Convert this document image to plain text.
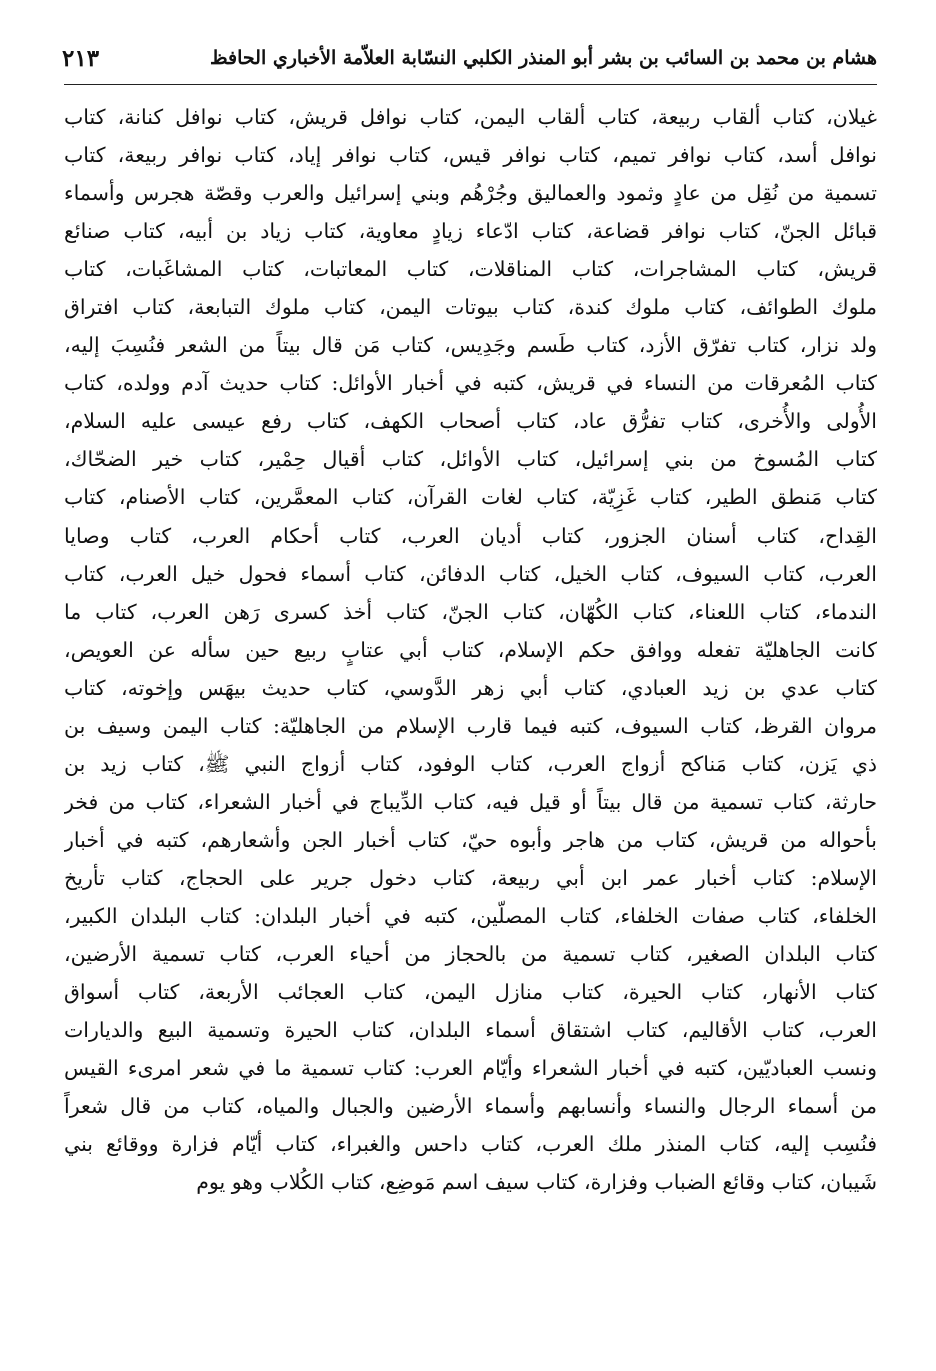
هشام بن محمد بن السائب بن بشر أبو المنذر الكلبي النسّابة العلاّمة الأخباري الحافظ
٢١٣
غيلان، كتاب ألقاب ربيعة، كتاب ألقاب اليمن، كتاب نوافل قريش، كتاب نوافل كنانة، كتاب
نوافل أسد، كتاب نوافر تميم، كتاب نوافر قيس، كتاب نوافر إياد، كتاب نوافر ربيعة، كتاب
تسمية من نُقِل من عادٍ وثمود والعماليق وجُرْهُم وبني إسرائيل والعرب وقصّة هجرس وأسماء
قبائل الجنّ، كتاب نوافر قضاعة، كتاب ادّعاء زيادٍ معاوية، كتاب زياد بن أبيه، كتاب صنائع
قريش، كتاب المشاجرات، كتاب المناقلات، كتاب المعاتبات، كتاب المشاغَبات، كتاب
ملوك الطوائف، كتاب ملوك كندة، كتاب بيوتات اليمن، كتاب ملوك التبابعة، كتاب افتراق
ولد نزار، كتاب تفرّق الأزد، كتاب طَسم وجَدِيس، كتاب مَن قال بيتاً من الشعر فنُسِبَ إليه،
كتاب المُعرقات من النساء في قريش، كتبه في أخبار الأوائل: كتاب حديث آدم وولده، كتاب
الأُولى والأُخرى، كتاب تفرُّق عاد، كتاب أصحاب الكهف، كتاب رفع عيسى عليه السلام،
كتاب المُسوخ من بني إسرائيل، كتاب الأوائل، كتاب أقيال حِمْير، كتاب خير الضحّاك،
كتاب مَنطق الطير، كتاب غَزِيّة، كتاب لغات القرآن، كتاب المعمَّرين، كتاب الأصنام، كتاب
القِداح، كتاب أسنان الجزور، كتاب أديان العرب، كتاب أحكام العرب، كتاب وصايا
العرب، كتاب السيوف، كتاب الخيل، كتاب الدفائن، كتاب أسماء فحول خيل العرب، كتاب
الندماء، كتاب اللعناء، كتاب الكُهّان، كتاب الجنّ، كتاب أخذ كسرى رَهن العرب، كتاب ما
كانت الجاهليّة تفعله ووافق حكم الإسلام، كتاب أبي عتابٍ ربيع حين سأله عن العويص،
كتاب عدي بن زيد العبادي، كتاب أبي زهر الدَّوسي، كتاب حديث بيهَس وإخوته، كتاب
مروان القرظ، كتاب السيوف، كتبه فيما قارب الإسلام من الجاهليّة: كتاب اليمن وسيف بن
ذي يَزن، كتاب مَناكح أزواج العرب، كتاب الوفود، كتاب أزواج النبي ﷺ، كتاب زيد بن
حارثة، كتاب تسمية من قال بيتاً أو قيل فيه، كتاب الدِّيباج في أخبار الشعراء، كتاب من فخر
بأحواله من قريش، كتاب من هاجر وأبوه حيّ، كتاب أخبار الجن وأشعارهم، كتبه في أخبار
الإسلام: كتاب أخبار عمر ابن أبي ربيعة، كتاب دخول جرير على الحجاج، كتاب تأريخ
الخلفاء، كتاب صفات الخلفاء، كتاب المصلّين، كتبه في أخبار البلدان: كتاب البلدان الكبير،
كتاب البلدان الصغير، كتاب تسمية من بالحجاز من أحياء العرب، كتاب تسمية الأرضين،
كتاب الأنهار، كتاب الحيرة، كتاب منازل اليمن، كتاب العجائب الأربعة، كتاب أسواق
العرب، كتاب الأقاليم، كتاب اشتقاق أسماء البلدان، كتاب الحيرة وتسمية البيع والديارات
ونسب العباديّين، كتبه في أخبار الشعراء وأيّام العرب: كتاب تسمية ما في شعر امرىء القيس
من أسماء الرجال والنساء وأنسابهم وأسماء الأرضين والجبال والمياه، كتاب من قال شعراً
فنُسِب إليه، كتاب المنذر ملك العرب، كتاب داحس والغبراء، كتاب أيّام فزارة ووقائع بني
شَيبان، كتاب وقائع الضباب وفزارة، كتاب سيف اسم مَوضِع، كتاب الكُلاب وهو يوم
